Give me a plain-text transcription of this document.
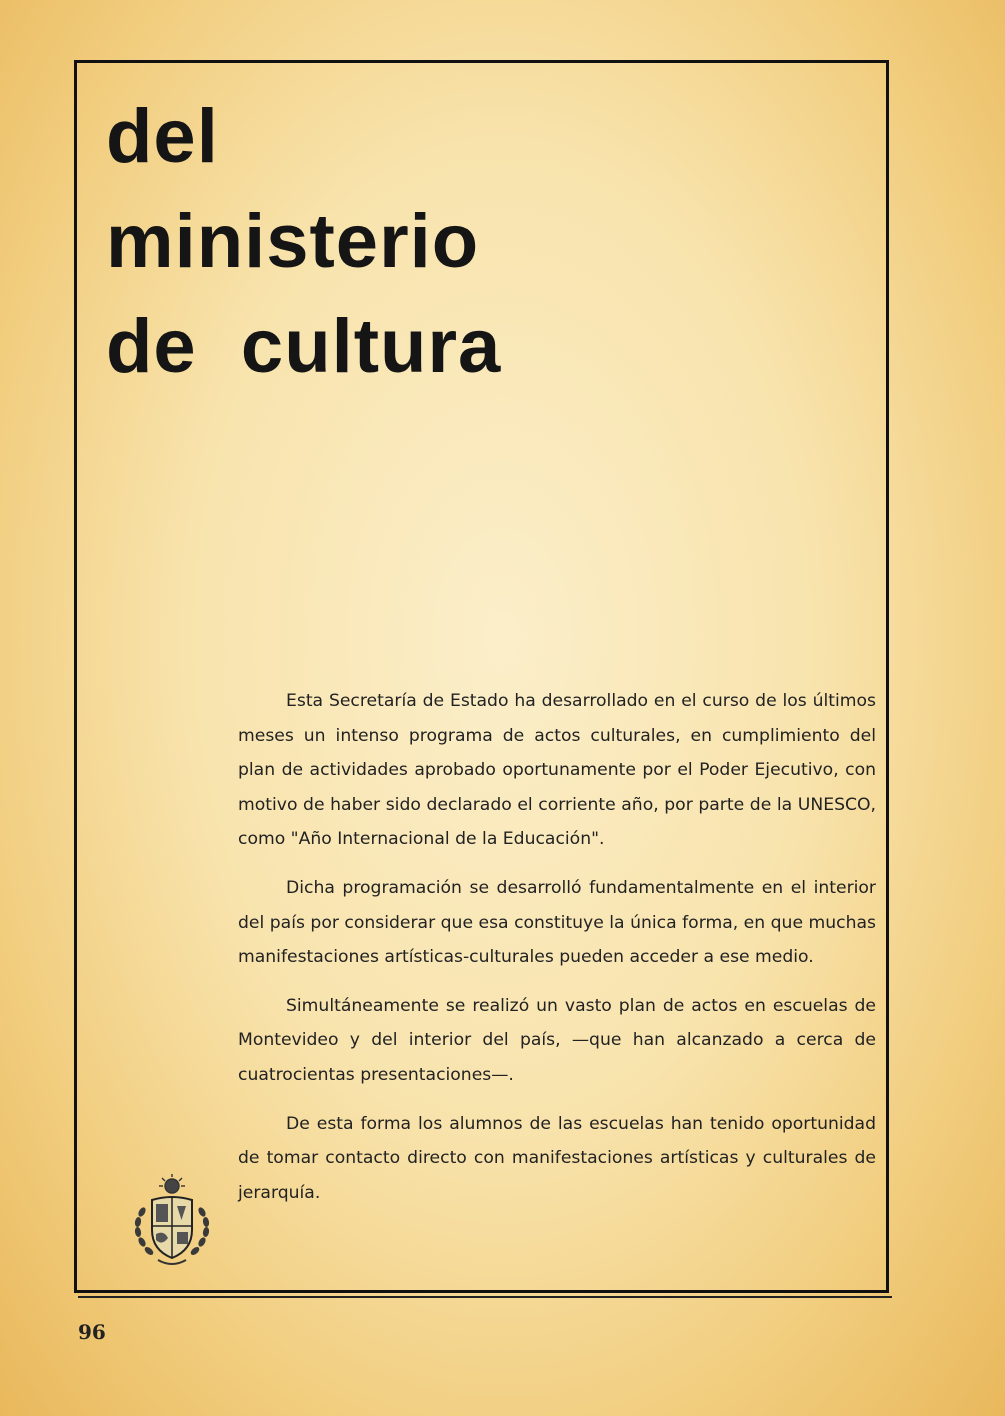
del
ministerio
de  cultura

Esta Secretaría de Estado ha desarrollado en el curso de los últimos meses un intenso programa de actos culturales, en cumplimiento del plan de actividades aprobado oportunamente por el Poder Ejecutivo, con motivo de haber sido declarado el corriente año, por parte de la UNESCO, como "Año Internacional de la Educación".

Dicha programación se desarrolló fundamentalmente en el interior del país por considerar que esa constituye la única forma, en que muchas manifestaciones artísticas-culturales pueden acceder a ese medio.

Simultáneamente se realizó un vasto plan de actos en escuelas de Montevideo y del interior del país, —que han alcanzado a cerca de cuatrocientas presentaciones—.

De esta forma los alumnos de las escuelas han tenido oportunidad de tomar contacto directo con manifestaciones artísticas y culturales de jerarquía.

96
